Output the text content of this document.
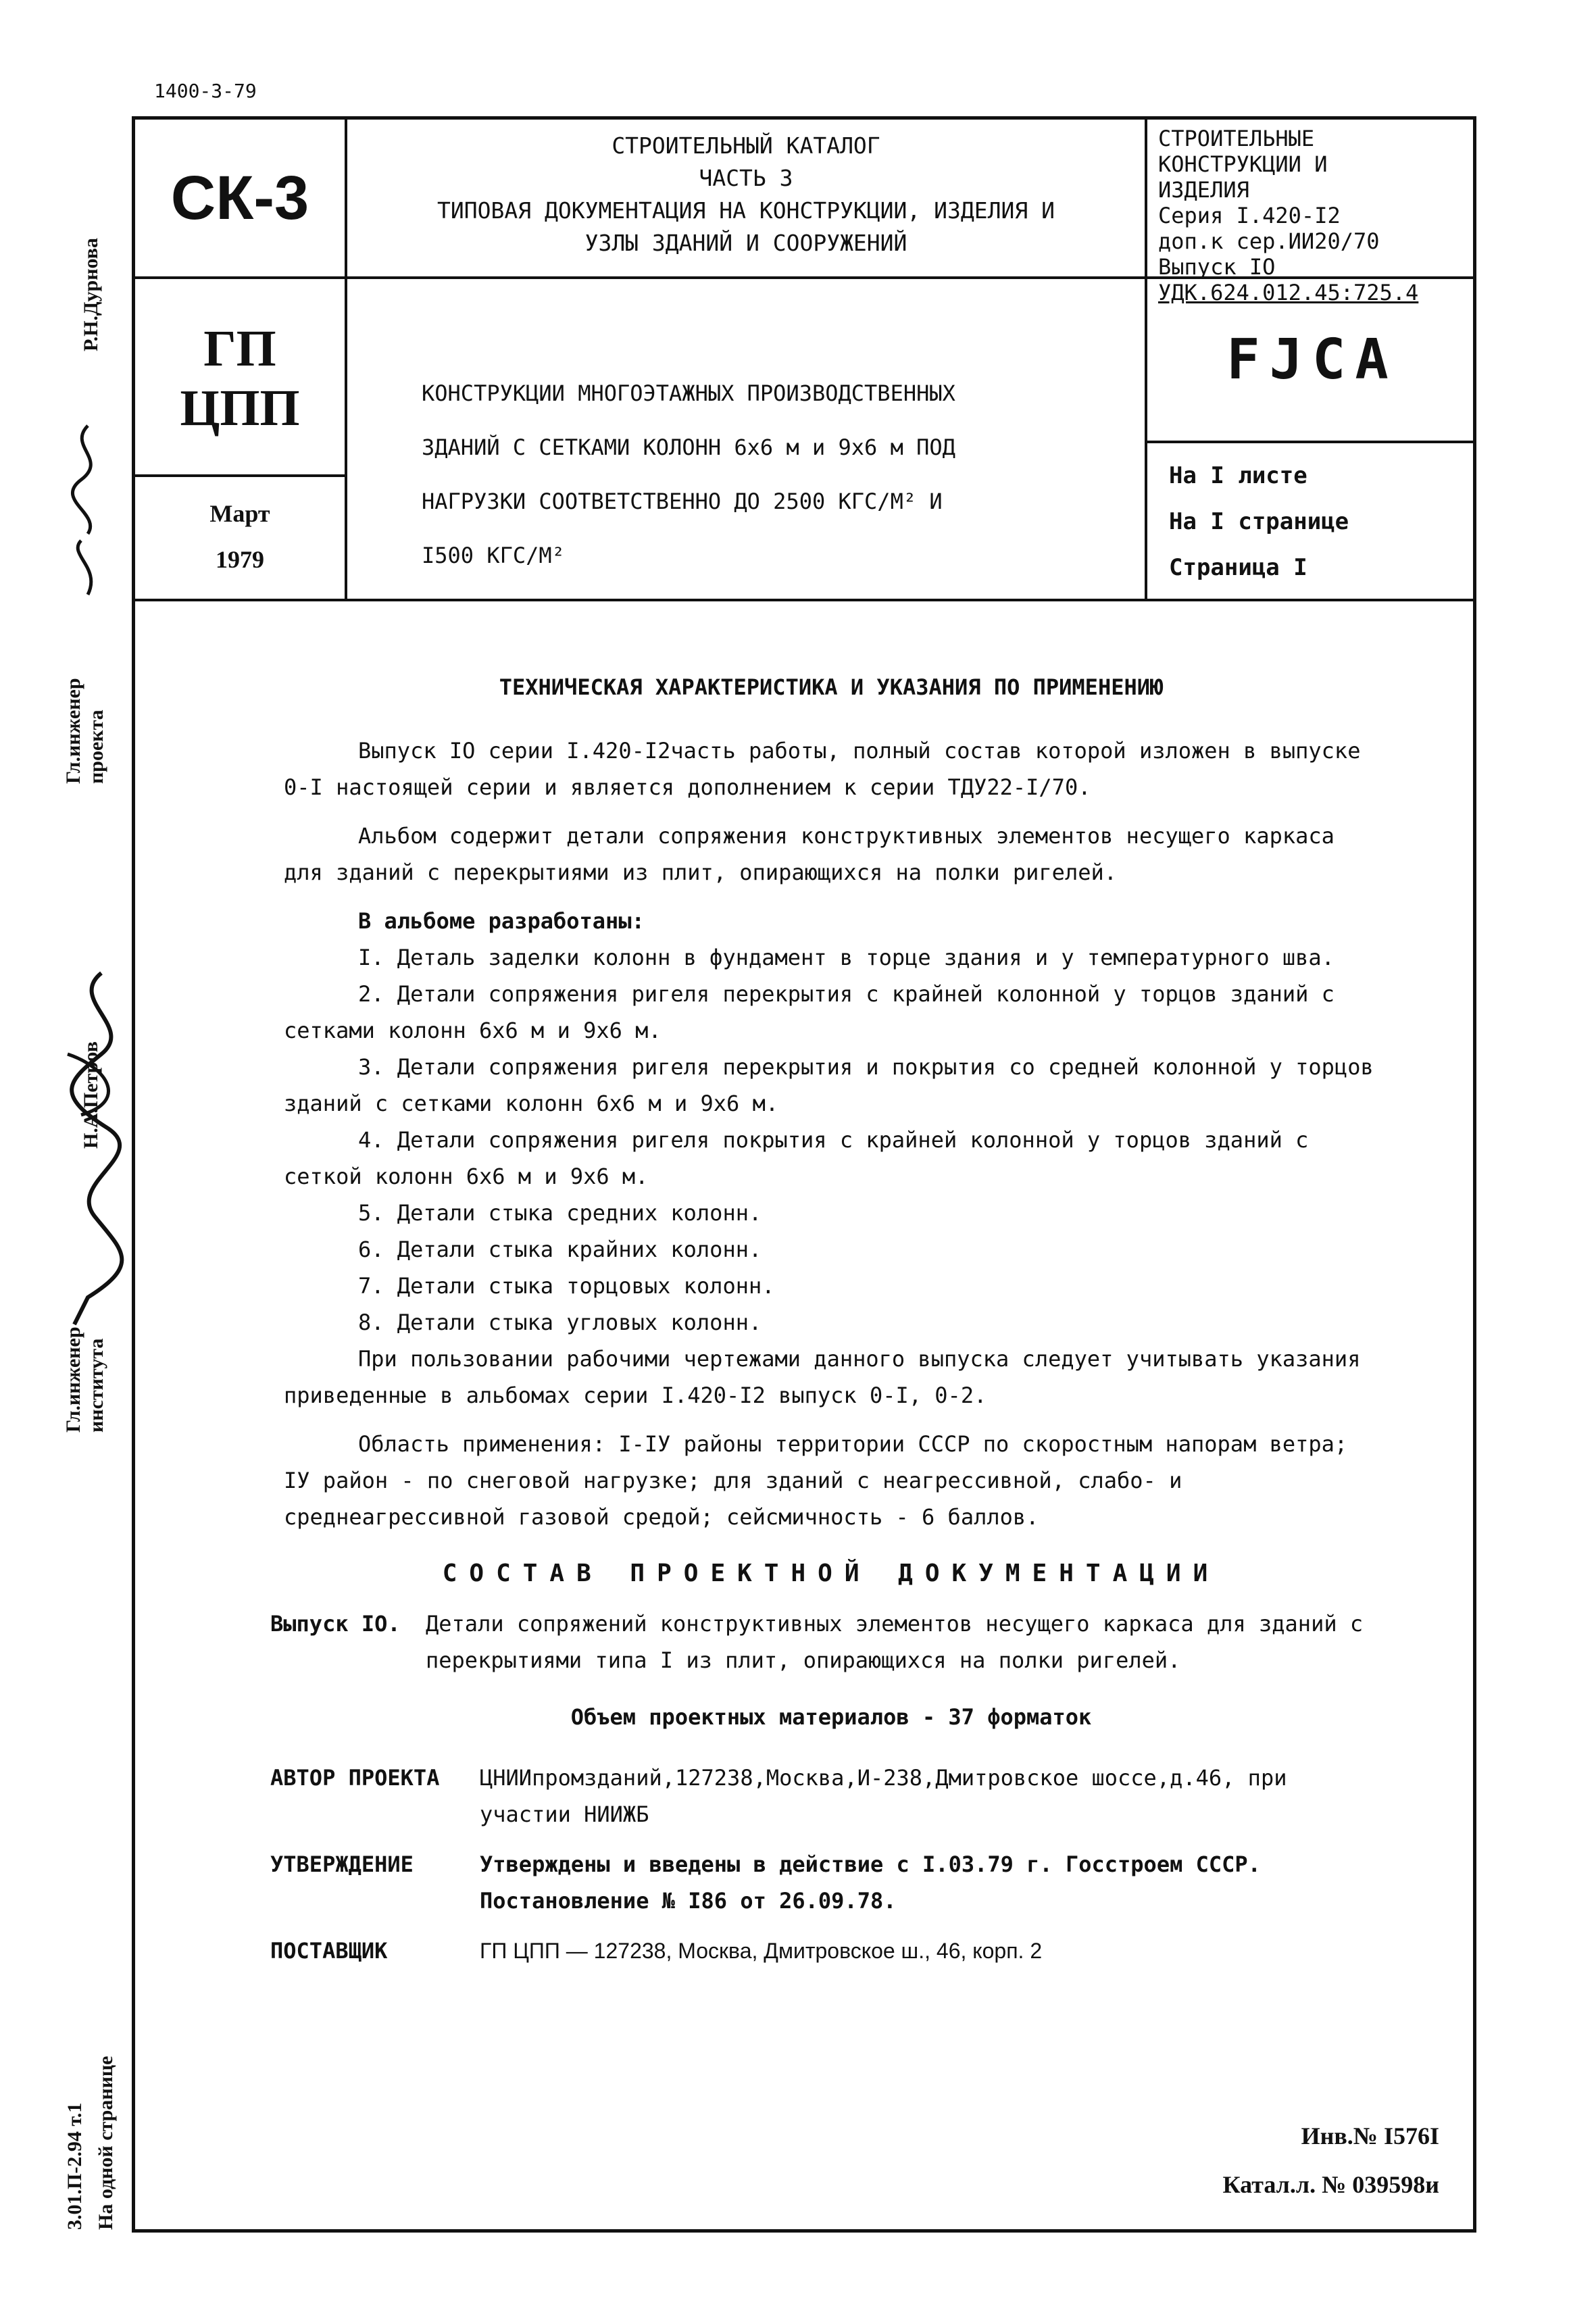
1400-3-79
СК-3
СТРОИТЕЛЬНЫЙ КАТАЛОГ
ЧАСТЬ 3
ТИПОВАЯ ДОКУМЕНТАЦИЯ НА КОНСТРУКЦИИ, ИЗДЕЛИЯ И
УЗЛЫ ЗДАНИЙ И СООРУЖЕНИЙ
СТРОИТЕЛЬНЫЕ
КОНСТРУКЦИИ И
ИЗДЕЛИЯ
Серия I.420-I2
доп.к сер.ИИ20/70
Выпуск IO
УДК.624.012.45:725.4
ГП
ЦПП
Март
1979
КОНСТРУКЦИИ МНОГОЭТАЖНЫХ ПРОИЗВОДСТВЕННЫХ
ЗДАНИЙ С СЕТКАМИ КОЛОНН 6х6 м и 9х6 м ПОД
НАГРУЗКИ СООТВЕТСТВЕННО ДО 2500 КГС/М² И
I500 КГС/М²
FJCA
На I листе
На I странице
Страница I
ТЕХНИЧЕСКАЯ ХАРАКТЕРИСТИКА И УКАЗАНИЯ ПО ПРИМЕНЕНИЮ
Выпуск IO серии I.420-I2часть работы, полный состав которой изложен в выпуске 0-I настоящей серии и является дополнением к серии ТДУ22-I/70.
Альбом содержит детали сопряжения конструктивных элементов несущего каркаса для зданий с перекрытиями из плит, опирающихся на полки ригелей.
В альбоме разработаны:
I. Деталь заделки колонн в фундамент в торце здания и у температурного шва.
2. Детали сопряжения ригеля перекрытия с крайней колонной у торцов зданий с сетками колонн 6х6 м и 9х6 м.
3. Детали сопряжения ригеля перекрытия и покрытия со средней колонной у торцов зданий с сетками колонн 6х6 м и 9х6 м.
4. Детали сопряжения ригеля покрытия с крайней колонной у торцов зданий с сеткой колонн 6х6 м и 9х6 м.
5. Детали стыка средних колонн.
6. Детали стыка крайних колонн.
7. Детали стыка торцовых колонн.
8. Детали стыка угловых колонн.
При пользовании рабочими чертежами данного выпуска следует учитывать указания приведенные в альбомах серии I.420-I2 выпуск 0-I, 0-2.
Область применения: I-IУ районы территории СССР по скоростным напорам ветра; IУ район - по снеговой нагрузке; для зданий с неагрессивной, слабо- и среднеагрессивной газовой средой; сейсмичность - 6 баллов.
СОСТАВ ПРОЕКТНОЙ ДОКУМЕНТАЦИИ
Выпуск IO.	Детали сопряжений конструктивных элементов несущего каркаса для зданий с перекрытиями типа I из плит, опирающихся на полки ригелей.
Объем проектных материалов - 37 форматок
АВТОР ПРОЕКТА	ЦНИИпромзданий,127238,Москва,И-238,Дмитровское шоссе,д.46, при участии НИИЖБ
УТВЕРЖДЕНИЕ	Утверждены и введены в действие с I.03.79 г. Госстроем СССР. Постановление № I86 от 26.09.78.
ПОСТАВЩИК	ГП ЦПП — 127238, Москва, Дмитровское ш., 46, корп. 2
Инв.№ I576I
Катал.л. № 039598и
Р.Н.Дурнова
Гл.инженер проекта
Н.А.Петров
Гл.инженер института
3.01.П-2.94 т.1 На одной странице
